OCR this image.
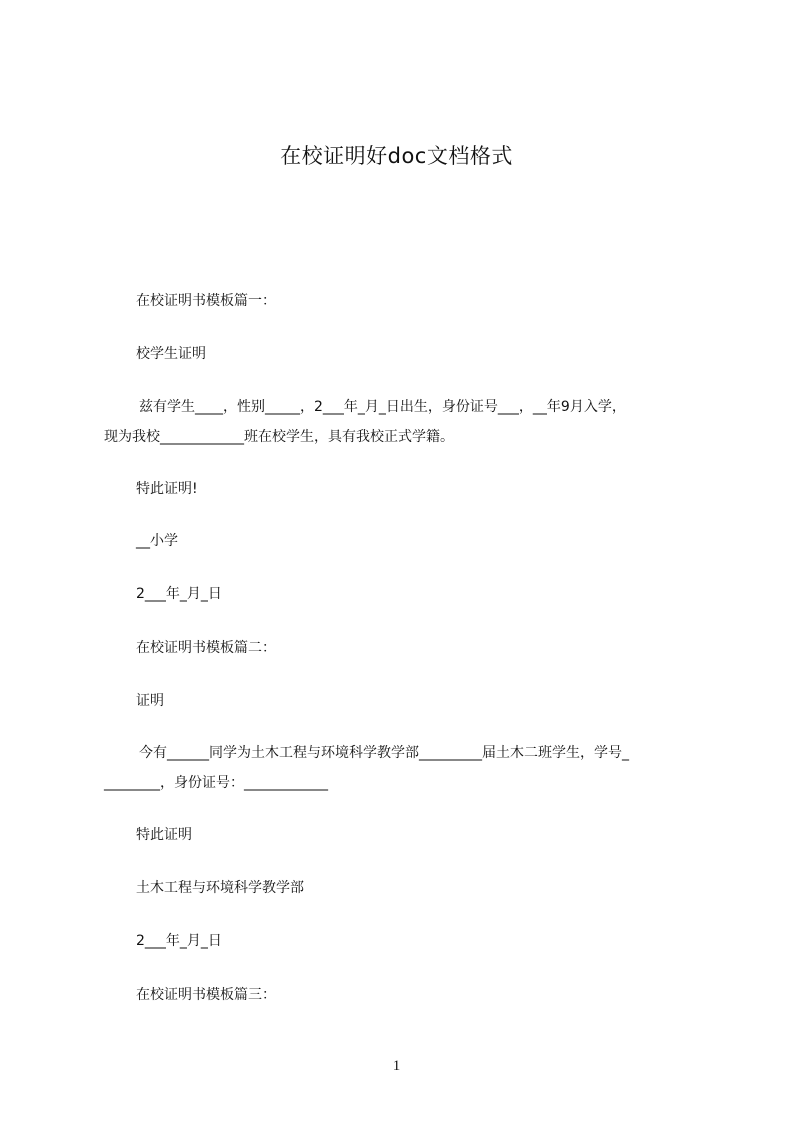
在校证明好doc文档格式
在校证明书模板篇一：
校学生证明
兹有学生____，性别_____，2___年_月_日出生，身份证号___，__年9月入学，
现为我校____________班在校学生，具有我校正式学籍。
特此证明!
__小学
2___年_月_日
在校证明书模板篇二：
证明
今有______同学为土木工程与环境科学教学部_________届土木二班学生，学号_
________，身份证号：____________
特此证明
土木工程与环境科学教学部
2___年_月_日
在校证明书模板篇三：
1
